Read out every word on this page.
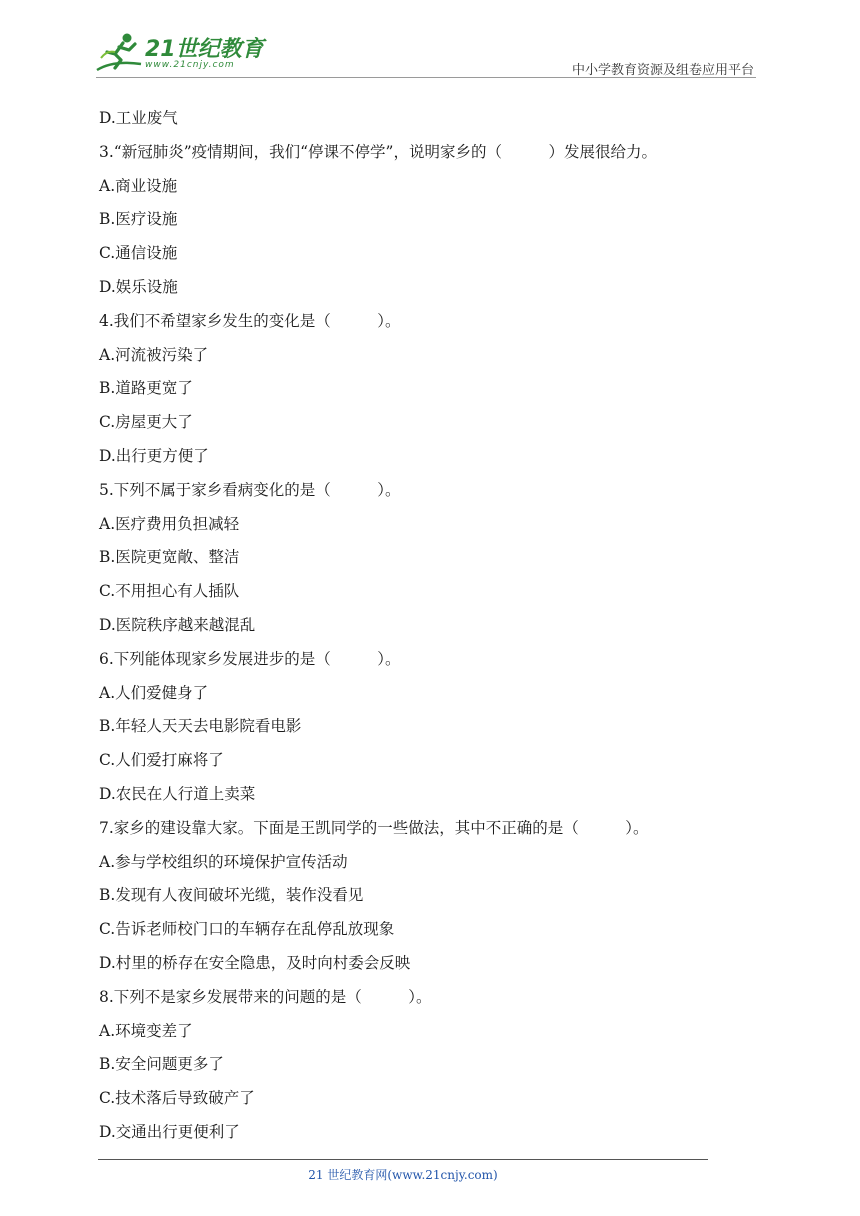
21世纪教育
www.21cnjy.com	中小学教育资源及组卷应用平台
D.工业废气
3.“新冠肺炎”疫情期间，我们“停课不停学”，说明家乡的（　　　）发展很给力。
A.商业设施
B.医疗设施
C.通信设施
D.娱乐设施
4.我们不希望家乡发生的变化是（　　　）。
A.河流被污染了
B.道路更宽了
C.房屋更大了
D.出行更方便了
5.下列不属于家乡看病变化的是（　　　）。
A.医疗费用负担减轻
B.医院更宽敞、整洁
C.不用担心有人插队
D.医院秩序越来越混乱
6.下列能体现家乡发展进步的是（　　　）。
A.人们爱健身了
B.年轻人天天去电影院看电影
C.人们爱打麻将了
D.农民在人行道上卖菜
7.家乡的建设靠大家。下面是王凯同学的一些做法，其中不正确的是（　　　）。
A.参与学校组织的环境保护宣传活动
B.发现有人夜间破坏光缆，装作没看见
C.告诉老师校门口的车辆存在乱停乱放现象
D.村里的桥存在安全隐患，及时向村委会反映
8.下列不是家乡发展带来的问题的是（　　　）。
A.环境变差了
B.安全问题更多了
C.技术落后导致破产了
D.交通出行更便利了
21 世纪教育网(www.21cnjy.com)
